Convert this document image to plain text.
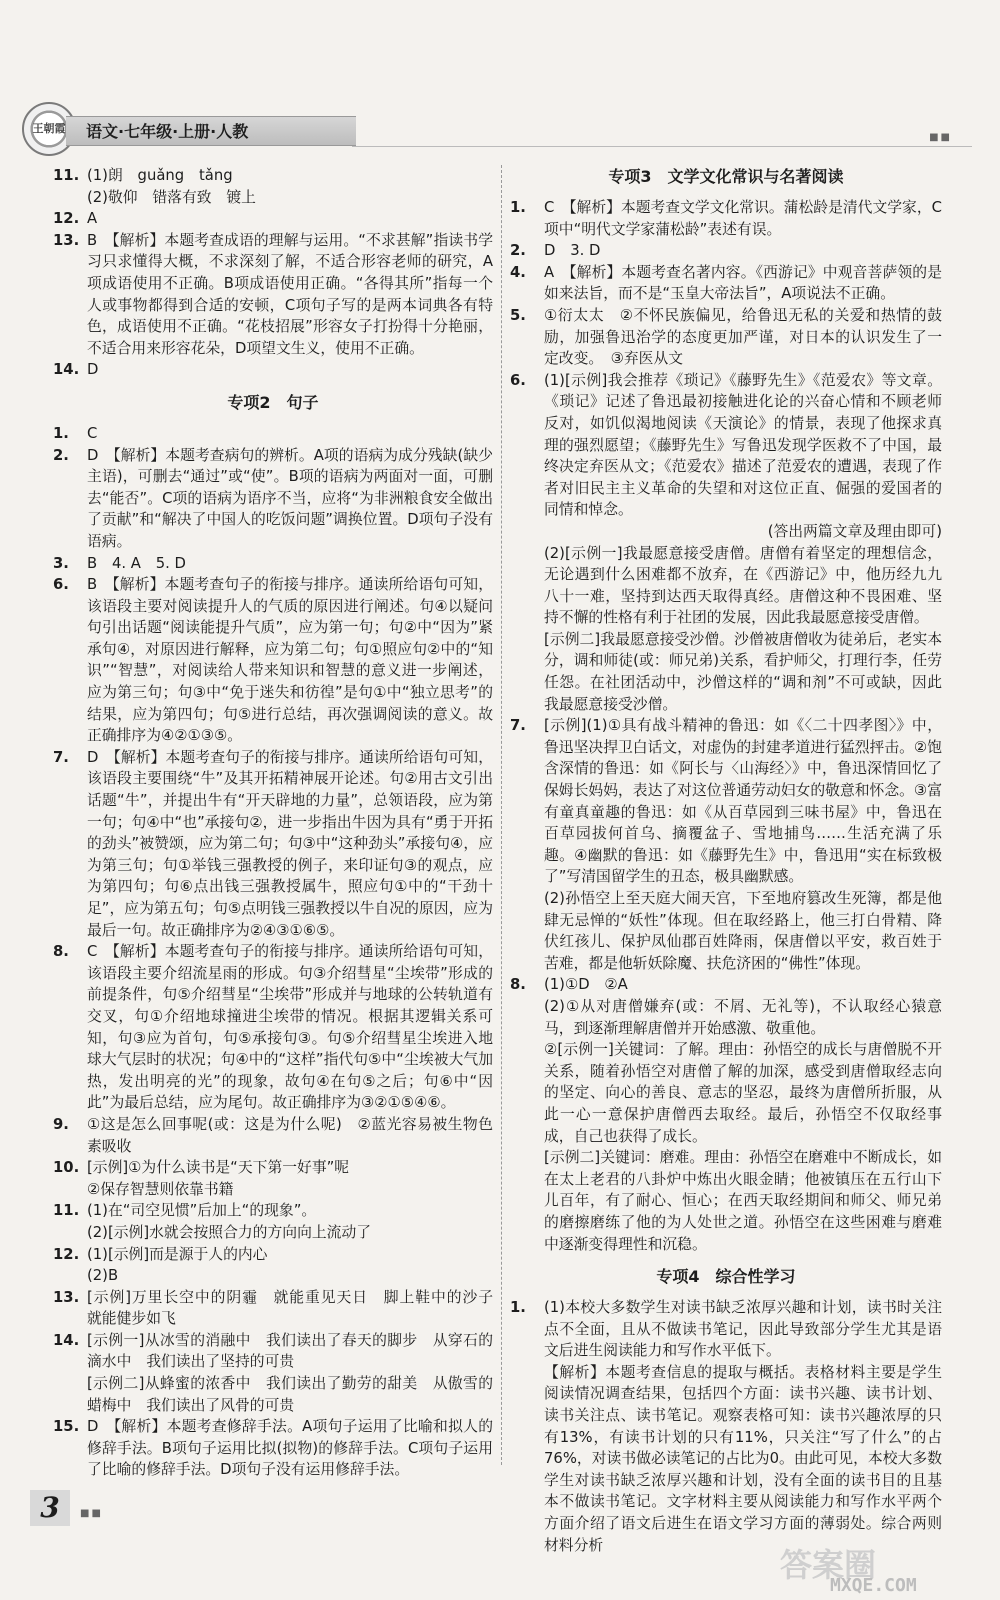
王朝霞	语文·七年级·上册·人教	■■
11. (1)朗　guǎng　tǎng
(2)敬仰　错落有致　镀上
12. A
13. B　【解析】本题考查成语的理解与运用。“不求甚解”指读书学习只求懂得大概，不求深刻了解，不适合形容老师的研究，A项成语使用不正确。B项成语使用正确。“各得其所”指每一个人或事物都得到合适的安顿，C项句子写的是两本词典各有特色，成语使用不正确。“花枝招展”形容女子打扮得十分艳丽，不适合用来形容花朵，D项望文生义，使用不正确。
14. D
专项2　句子
1. C
2. D　【解析】本题考查病句的辨析。A项的语病为成分残缺(缺少主语)，可删去“通过”或“使”。B项的语病为两面对一面，可删去“能否”。C项的语病为语序不当，应将“为非洲粮食安全做出了贡献”和“解决了中国人的吃饭问题”调换位置。D项句子没有语病。
3. B　4. A　5. D
6. B　【解析】本题考查句子的衔接与排序。通读所给语句可知，该语段主要对阅读提升人的气质的原因进行阐述。句④以疑问句引出话题“阅读能提升气质”，应为第一句；句②中“因为”紧承句④，对原因进行解释，应为第二句；句①照应句②中的“知识”“智慧”，对阅读给人带来知识和智慧的意义进一步阐述，应为第三句；句③中“免于迷失和彷徨”是句①中“独立思考”的结果，应为第四句；句⑤进行总结，再次强调阅读的意义。故正确排序为④②①③⑤。
7. D　【解析】本题考查句子的衔接与排序。通读所给语句可知，该语段主要围绕“牛”及其开拓精神展开论述。句②用古文引出话题“牛”，并提出牛有“开天辟地的力量”，总领语段，应为第一句；句④中“也”承接句②，进一步指出牛因为具有“勇于开拓的劲头”被赞颂，应为第二句；句③中“这种劲头”承接句④，应为第三句；句①举钱三强教授的例子，来印证句③的观点，应为第四句；句⑥点出钱三强教授属牛，照应句①中的“干劲十足”，应为第五句；句⑤点明钱三强教授以牛自况的原因，应为最后一句。故正确排序为②④③①⑥⑤。
8. C　【解析】本题考查句子的衔接与排序。通读所给语句可知，该语段主要介绍流星雨的形成。句③介绍彗星“尘埃带”形成的前提条件，句⑤介绍彗星“尘埃带”形成并与地球的公转轨道有交叉，句①介绍地球撞进尘埃带的情况。根据其逻辑关系可知，句③应为首句，句⑤承接句③。句⑤介绍彗星尘埃进入地球大气层时的状况；句④中的“这样”指代句⑤中“尘埃被大气加热，发出明亮的光”的现象，故句④在句⑤之后；句⑥中“因此”为最后总结，应为尾句。故正确排序为③②①⑤④⑥。
9. ①这是怎么回事呢(或：这是为什么呢)　②蓝光容易被生物色素吸收
10. [示例]①为什么读书是“天下第一好事”呢
②保存智慧则依靠书籍
11. (1)在“司空见惯”后加上“的现象”。
(2)[示例]水就会按照合力的方向向上流动了
12. (1)[示例]而是源于人的内心
(2)B
13. [示例]万里长空中的阴霾　就能重见天日　脚上鞋中的沙子　就能健步如飞
14. [示例一]从冰雪的消融中　我们读出了春天的脚步　从穿石的滴水中　我们读出了坚持的可贵
[示例二]从蜂蜜的浓香中　我们读出了勤劳的甜美　从傲雪的蜡梅中　我们读出了风骨的可贵
15. D　【解析】本题考查修辞手法。A项句子运用了比喻和拟人的修辞手法。B项句子运用比拟(拟物)的修辞手法。C项句子运用了比喻的修辞手法。D项句子没有运用修辞手法。
专项3　文学文化常识与名著阅读
1. C　【解析】本题考查文学文化常识。蒲松龄是清代文学家，C项中“明代文学家蒲松龄”表述有误。
2. D　3. D
4. A　【解析】本题考查名著内容。《西游记》中观音菩萨领的是如来法旨，而不是“玉皇大帝法旨”，A项说法不正确。
5. ①衍太太　②不怀民族偏见，给鲁迅无私的关爱和热情的鼓励，加强鲁迅治学的态度更加严谨，对日本的认识发生了一定改变。　③弃医从文
6. (1)[示例]我会推荐《琐记》《藤野先生》《范爱农》等文章。《琐记》记述了鲁迅最初接触进化论的兴奋心情和不顾老师反对，如饥似渴地阅读《天演论》的情景，表现了他探求真理的强烈愿望；《藤野先生》写鲁迅发现学医救不了中国，最终决定弃医从文；《范爱农》描述了范爱农的遭遇，表现了作者对旧民主主义革命的失望和对这位正直、倔强的爱国者的同情和悼念。
(答出两篇文章及理由即可)
(2)[示例一]我最愿意接受唐僧。唐僧有着坚定的理想信念，无论遇到什么困难都不放弃，在《西游记》中，他历经九九八十一难，坚持到达西天取得真经。唐僧这种不畏困难、坚持不懈的性格有利于社团的发展，因此我最愿意接受唐僧。
[示例二]我最愿意接受沙僧。沙僧被唐僧收为徒弟后，老实本分，调和师徒(或：师兄弟)关系，看护师父，打理行李，任劳任怨。在社团活动中，沙僧这样的“调和剂”不可或缺，因此我最愿意接受沙僧。
7. [示例](1)①具有战斗精神的鲁迅：如《〈二十四孝图〉》中，鲁迅坚决捍卫白话文，对虚伪的封建孝道进行猛烈抨击。②饱含深情的鲁迅：如《阿长与〈山海经〉》中，鲁迅深情回忆了保姆长妈妈，表达了对这位普通劳动妇女的敬意和怀念。③富有童真童趣的鲁迅：如《从百草园到三味书屋》中，鲁迅在百草园拔何首乌、摘覆盆子、雪地捕鸟……生活充满了乐趣。④幽默的鲁迅：如《藤野先生》中，鲁迅用“实在标致极了”写清国留学生的丑态，极具幽默感。
(2)孙悟空上至天庭大闹天宫，下至地府篡改生死簿，都是他肆无忌惮的“妖性”体现。但在取经路上，他三打白骨精、降伏红孩儿、保护凤仙郡百姓降雨，保唐僧以平安，救百姓于苦难，都是他斩妖除魔、扶危济困的“佛性”体现。
8. (1)①D　②A
(2)①从对唐僧嫌弃(或：不屑、无礼等)，不认取经心猿意马，到逐渐理解唐僧并开始感激、敬重他。
②[示例一]关键词：了解。理由：孙悟空的成长与唐僧脱不开关系，随着孙悟空对唐僧了解的加深，感受到唐僧取经志向的坚定、向心的善良、意志的坚忍，最终为唐僧所折服，从此一心一意保护唐僧西去取经。最后，孙悟空不仅取经事成，自己也获得了成长。
[示例二]关键词：磨难。理由：孙悟空在磨难中不断成长，如在太上老君的八卦炉中炼出火眼金睛；他被镇压在五行山下儿百年，有了耐心、恒心；在西天取经期间和师父、师兄弟的磨擦磨练了他的为人处世之道。孙悟空在这些困难与磨难中逐渐变得理性和沉稳。
专项4　综合性学习
1. (1)本校大多数学生对读书缺乏浓厚兴趣和计划，读书时关注点不全面，且从不做读书笔记，因此导致部分学生尤其是语文后进生阅读能力和写作水平低下。
【解析】本题考查信息的提取与概括。表格材料主要是学生阅读情况调查结果，包括四个方面：读书兴趣、读书计划、读书关注点、读书笔记。观察表格可知：读书兴趣浓厚的只有13%，有读书计划的只有11%，只关注“写了什么”的占76%，对读书做必读笔记的占比为0。由此可见，本校大多数学生对读书缺乏浓厚兴趣和计划，没有全面的读书目的且基本不做读书笔记。文字材料主要从阅读能力和写作水平两个方面介绍了语文后进生在语文学习方面的薄弱处。综合两则材料分析
3	■■
答案圈
MXQE.COM
